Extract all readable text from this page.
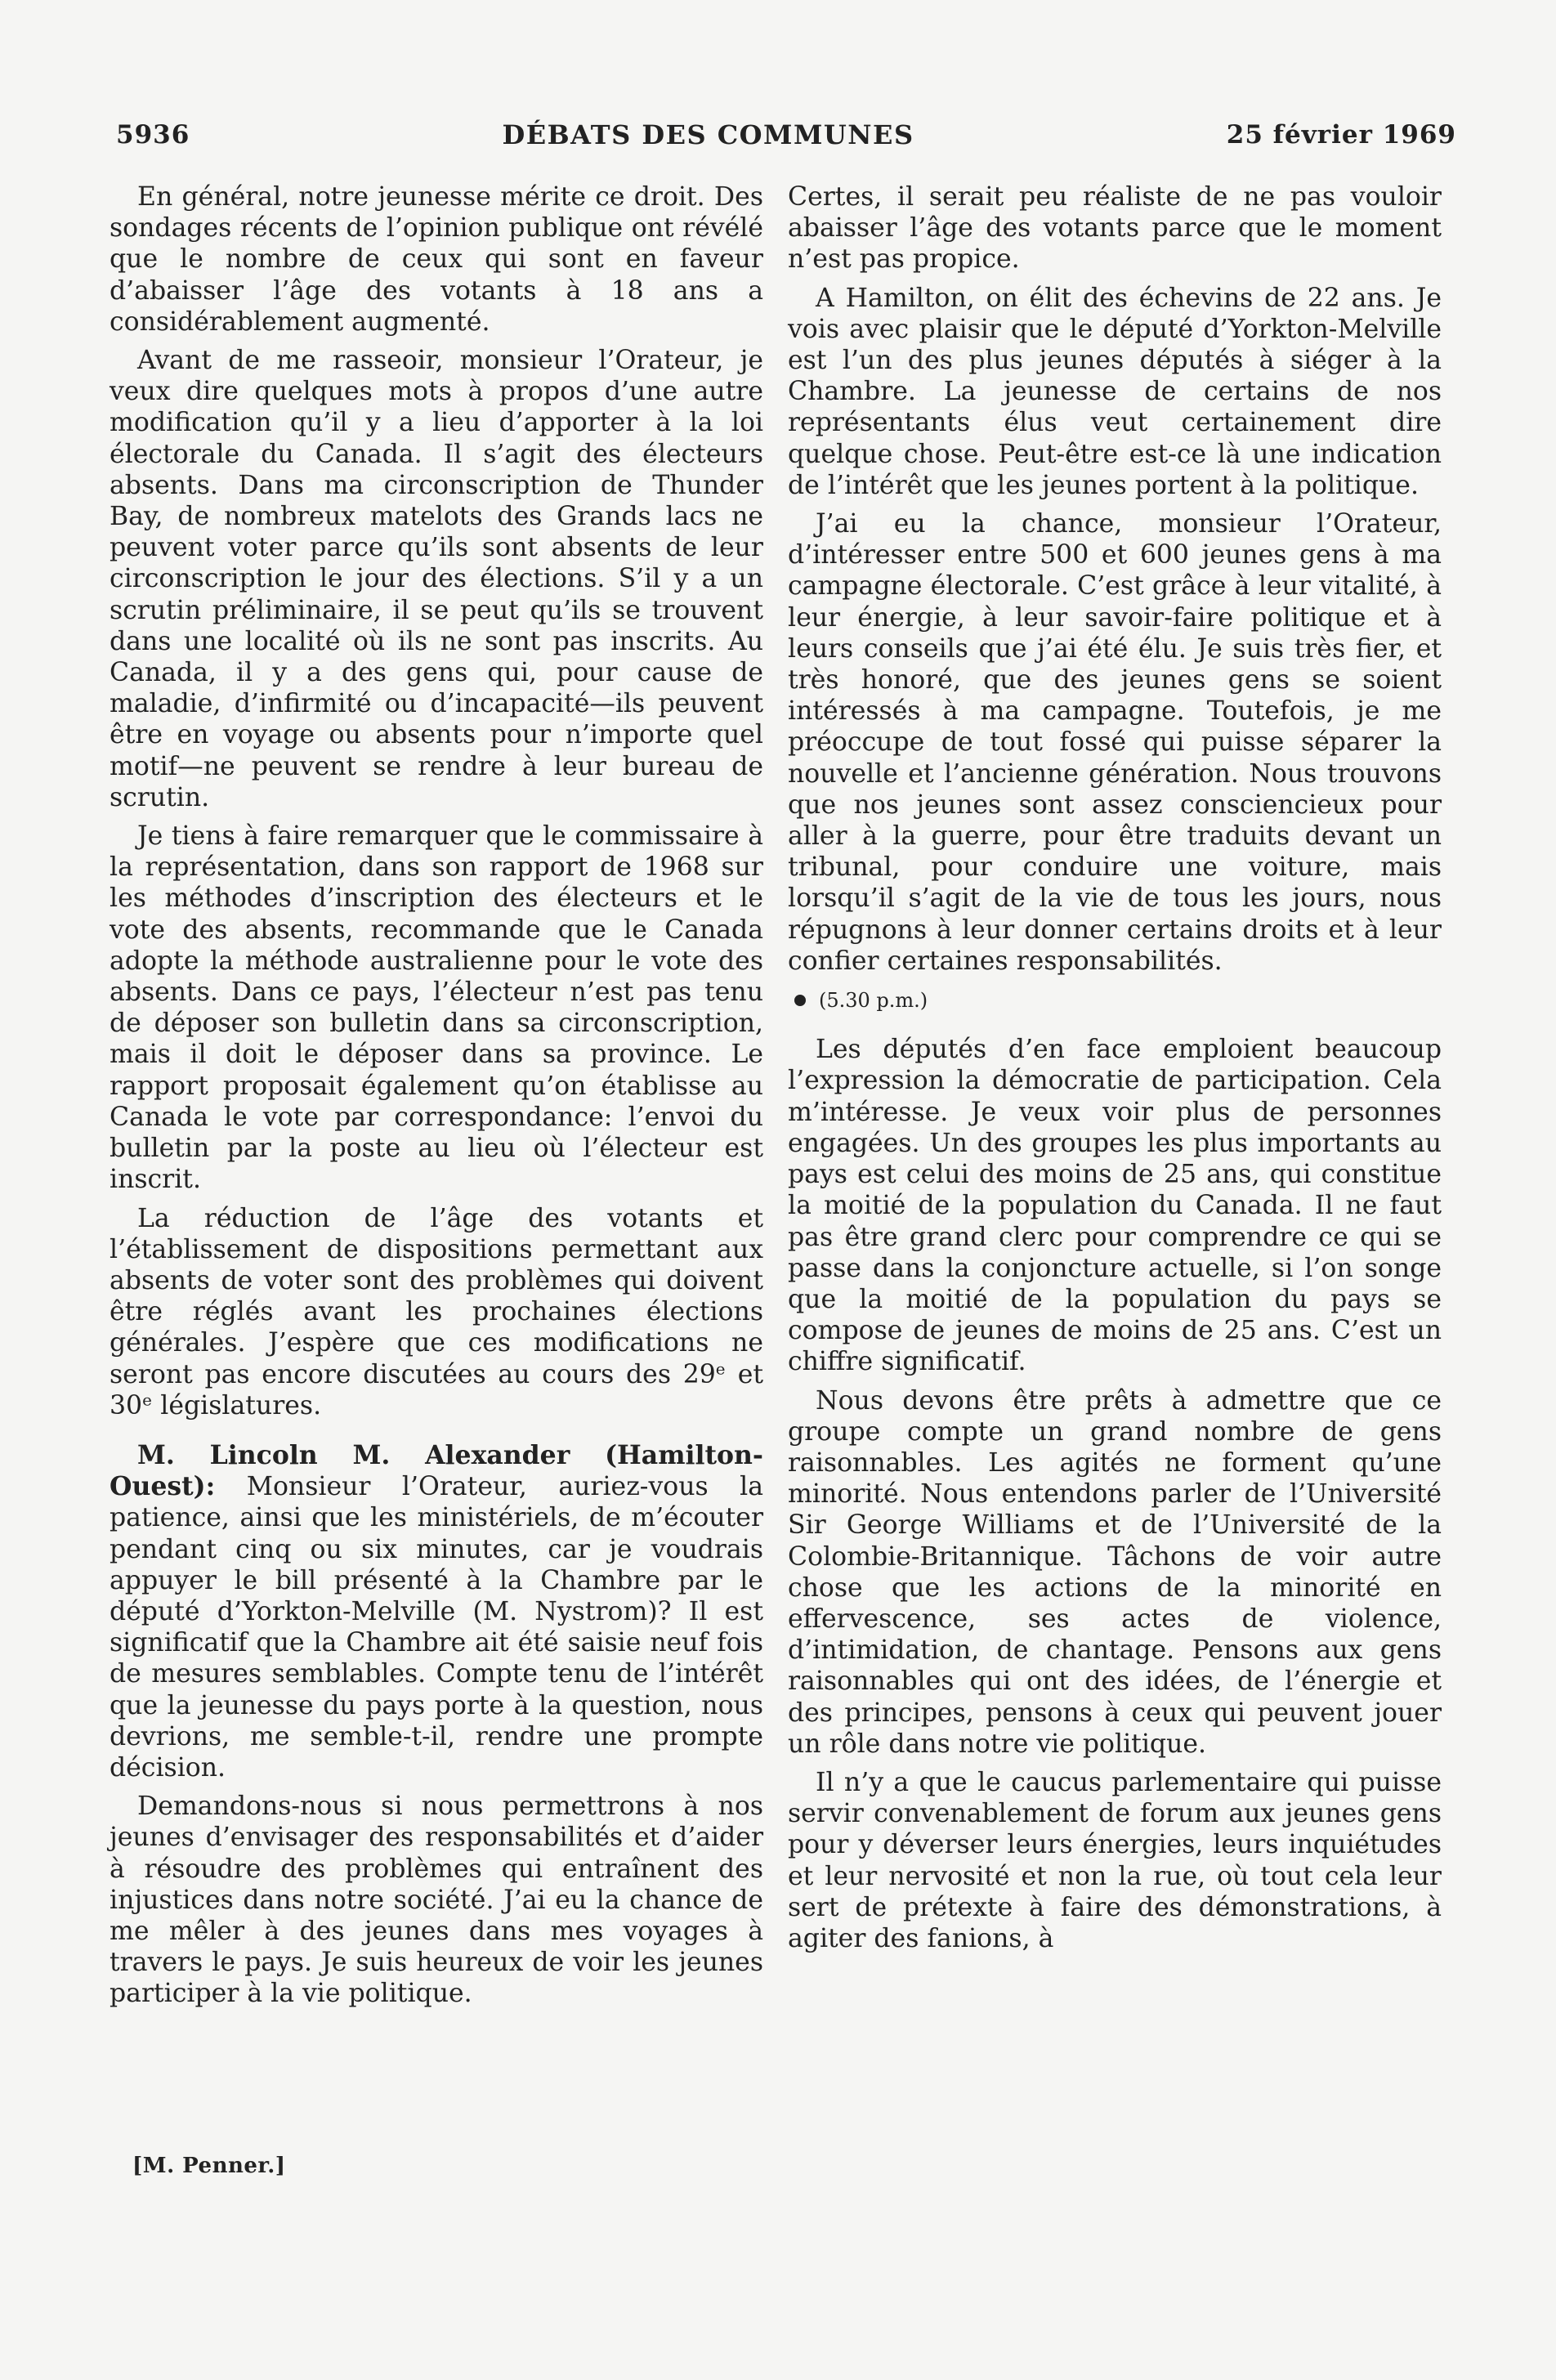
5936	DÉBATS DES COMMUNES	25 février 1969

En général, notre jeunesse mérite ce droit. Des sondages récents de l’opinion publique ont révélé que le nombre de ceux qui sont en faveur d’abaisser l’âge des votants à 18 ans a considérablement augmenté.

Avant de me rasseoir, monsieur l’Orateur, je veux dire quelques mots à propos d’une autre modification qu’il y a lieu d’apporter à la loi électorale du Canada. Il s’agit des électeurs absents. Dans ma circonscription de Thunder Bay, de nombreux matelots des Grands lacs ne peuvent voter parce qu’ils sont absents de leur circonscription le jour des élections. S’il y a un scrutin préliminaire, il se peut qu’ils se trouvent dans une localité où ils ne sont pas inscrits. Au Canada, il y a des gens qui, pour cause de maladie, d’infirmité ou d’incapacité—ils peuvent être en voyage ou absents pour n’importe quel motif—ne peuvent se rendre à leur bureau de scrutin.

Je tiens à faire remarquer que le commissaire à la représentation, dans son rapport de 1968 sur les méthodes d’inscription des électeurs et le vote des absents, recommande que le Canada adopte la méthode australienne pour le vote des absents. Dans ce pays, l’électeur n’est pas tenu de déposer son bulletin dans sa circonscription, mais il doit le déposer dans sa province. Le rapport proposait également qu’on établisse au Canada le vote par correspondance: l’envoi du bulletin par la poste au lieu où l’électeur est inscrit.

La réduction de l’âge des votants et l’établissement de dispositions permettant aux absents de voter sont des problèmes qui doivent être réglés avant les prochaines élections générales. J’espère que ces modifications ne seront pas encore discutées au cours des 29ᵉ et 30ᵉ législatures.

M. Lincoln M. Alexander (Hamilton-Ouest): Monsieur l’Orateur, auriez-vous la patience, ainsi que les ministériels, de m’écouter pendant cinq ou six minutes, car je voudrais appuyer le bill présenté à la Chambre par le député d’Yorkton-Melville (M. Nystrom)? Il est significatif que la Chambre ait été saisie neuf fois de mesures semblables. Compte tenu de l’intérêt que la jeunesse du pays porte à la question, nous devrions, me semble-t-il, rendre une prompte décision.

Demandons-nous si nous permettrons à nos jeunes d’envisager des responsabilités et d’aider à résoudre des problèmes qui entraînent des injustices dans notre société. J’ai eu la chance de me mêler à des jeunes dans mes voyages à travers le pays. Je suis heureux de voir les jeunes participer à la vie politique.

Certes, il serait peu réaliste de ne pas vouloir abaisser l’âge des votants parce que le moment n’est pas propice.

A Hamilton, on élit des échevins de 22 ans. Je vois avec plaisir que le député d’Yorkton-Melville est l’un des plus jeunes députés à siéger à la Chambre. La jeunesse de certains de nos représentants élus veut certainement dire quelque chose. Peut-être est-ce là une indication de l’intérêt que les jeunes portent à la politique.

J’ai eu la chance, monsieur l’Orateur, d’intéresser entre 500 et 600 jeunes gens à ma campagne électorale. C’est grâce à leur vitalité, à leur énergie, à leur savoir-faire politique et à leurs conseils que j’ai été élu. Je suis très fier, et très honoré, que des jeunes gens se soient intéressés à ma campagne. Toutefois, je me préoccupe de tout fossé qui puisse séparer la nouvelle et l’ancienne génération. Nous trouvons que nos jeunes sont assez consciencieux pour aller à la guerre, pour être traduits devant un tribunal, pour conduire une voiture, mais lorsqu’il s’agit de la vie de tous les jours, nous répugnons à leur donner certains droits et à leur confier certaines responsabilités.

(5.30 p.m.)

Les députés d’en face emploient beaucoup l’expression la démocratie de participation. Cela m’intéresse. Je veux voir plus de personnes engagées. Un des groupes les plus importants au pays est celui des moins de 25 ans, qui constitue la moitié de la population du Canada. Il ne faut pas être grand clerc pour comprendre ce qui se passe dans la conjoncture actuelle, si l’on songe que la moitié de la population du pays se compose de jeunes de moins de 25 ans. C’est un chiffre significatif.

Nous devons être prêts à admettre que ce groupe compte un grand nombre de gens raisonnables. Les agités ne forment qu’une minorité. Nous entendons parler de l’Université Sir George Williams et de l’Université de la Colombie-Britannique. Tâchons de voir autre chose que les actions de la minorité en effervescence, ses actes de violence, d’intimidation, de chantage. Pensons aux gens raisonnables qui ont des idées, de l’énergie et des principes, pensons à ceux qui peuvent jouer un rôle dans notre vie politique.

Il n’y a que le caucus parlementaire qui puisse servir convenablement de forum aux jeunes gens pour y déverser leurs énergies, leurs inquiétudes et leur nervosité et non la rue, où tout cela leur sert de prétexte à faire des démonstrations, à agiter des fanions, à

[M. Penner.]
